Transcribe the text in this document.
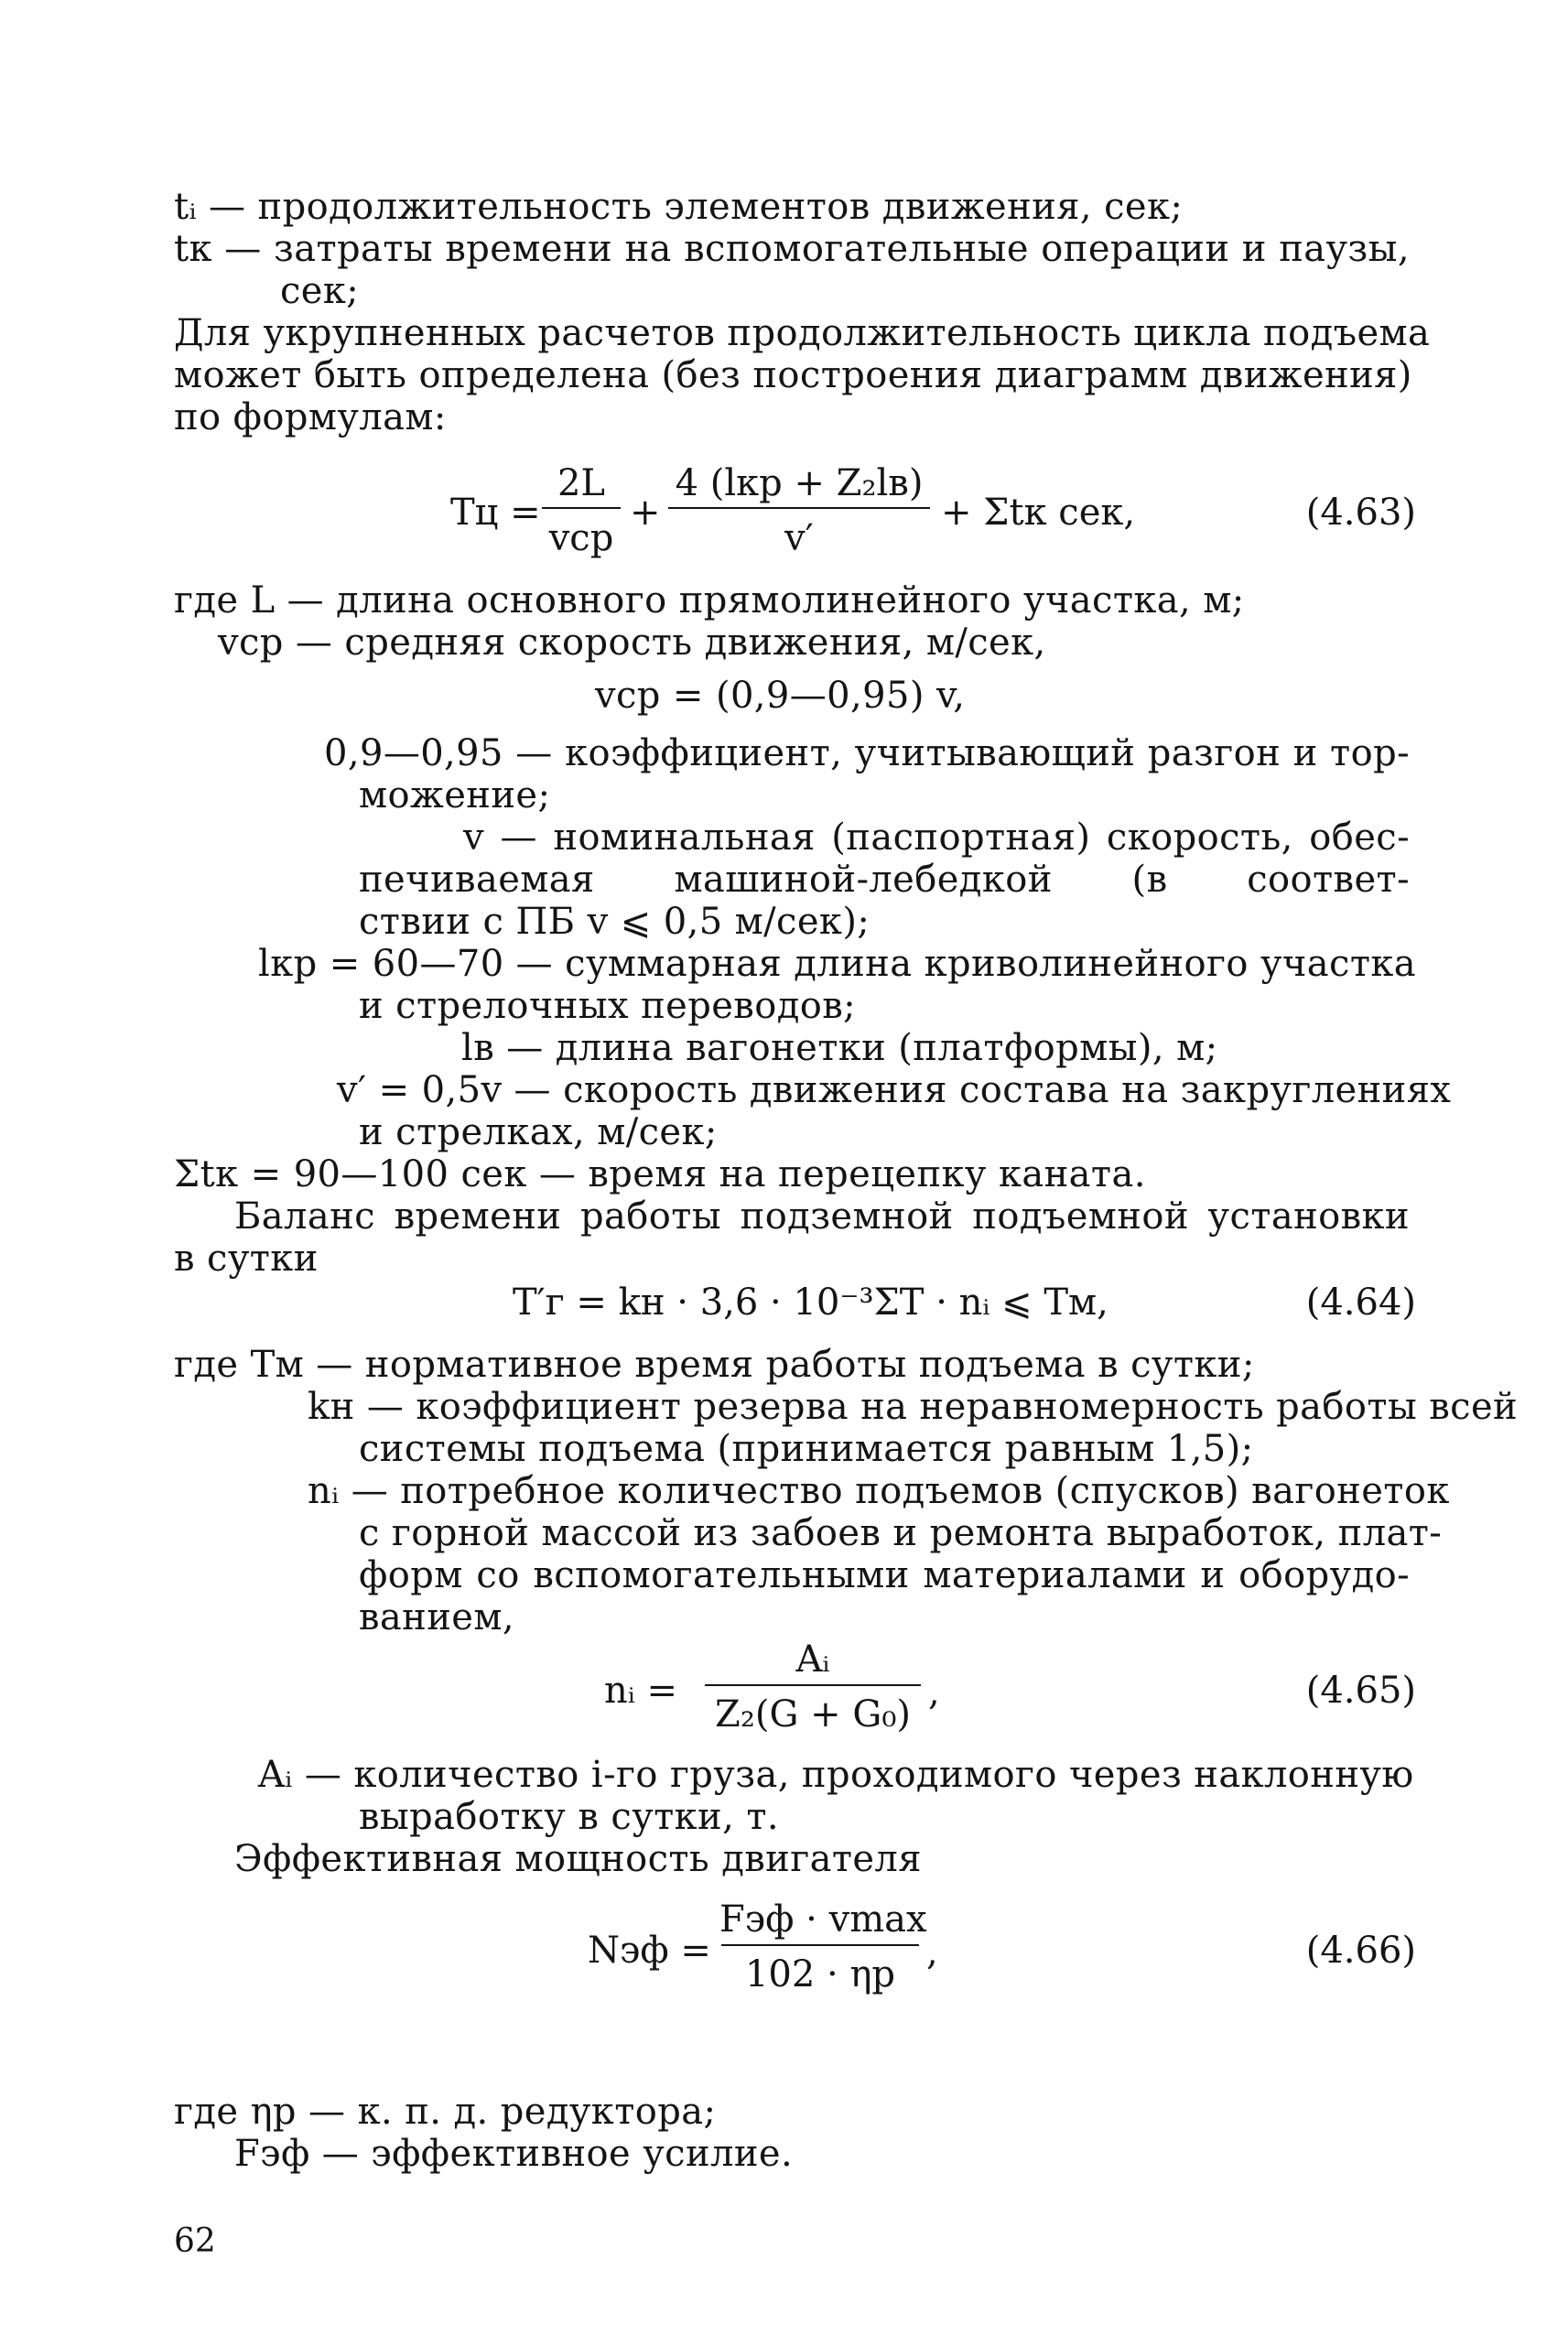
tᵢ — продолжительность элементов движения, сек;
tк — затраты времени на вспомогательные операции и паузы,
сек;
Для укрупненных расчетов продолжительность цикла подъема
может быть определена (без построения диаграмм движения)
по формулам:
Tц =
2L
vср
+
4 (lкр + Z₂lв)
v′
+ Σtк сек,	(4.63)
где L — длина основного прямолинейного участка, м;
vср — средняя скорость движения, м/сек,
vср = (0,9—0,95) v,
0,9—0,95 — коэффициент, учитывающий разгон и тор-
можение;
v — номинальная (паспортная) скорость, обес-
печиваемая машиной-лебедкой (в соответ-
ствии с ПБ v ⩽ 0,5 м/сек);
lкр = 60—70 — суммарная длина криволинейного участка
и стрелочных переводов;
lв — длина вагонетки (платформы), м;
v′ = 0,5v — скорость движения состава на закруглениях
и стрелках, м/сек;
Σtк = 90—100 сек — время на перецепку каната.
Баланс времени работы подземной подъемной установки
в сутки
T′г = kн · 3,6 · 10⁻³ΣT · nᵢ ⩽ Tм,	(4.64)
где Tм — нормативное время работы подъема в сутки;
kн — коэффициент резерва на неравномерность работы всей
системы подъема (принимается равным 1,5);
nᵢ — потребное количество подъемов (спусков) вагонеток
с горной массой из забоев и ремонта выработок, плат-
форм со вспомогательными материалами и оборудо-
ванием,
nᵢ =
Aᵢ
Z₂(G + G₀)
,	(4.65)
Aᵢ — количество i-го груза, проходимого через наклонную
выработку в сутки, т.
Эффективная мощность двигателя
Nэф =
Fэф · vmax
102 · ηр
,	(4.66)
где ηр — к. п. д. редуктора;
Fэф — эффективное усилие.
62
